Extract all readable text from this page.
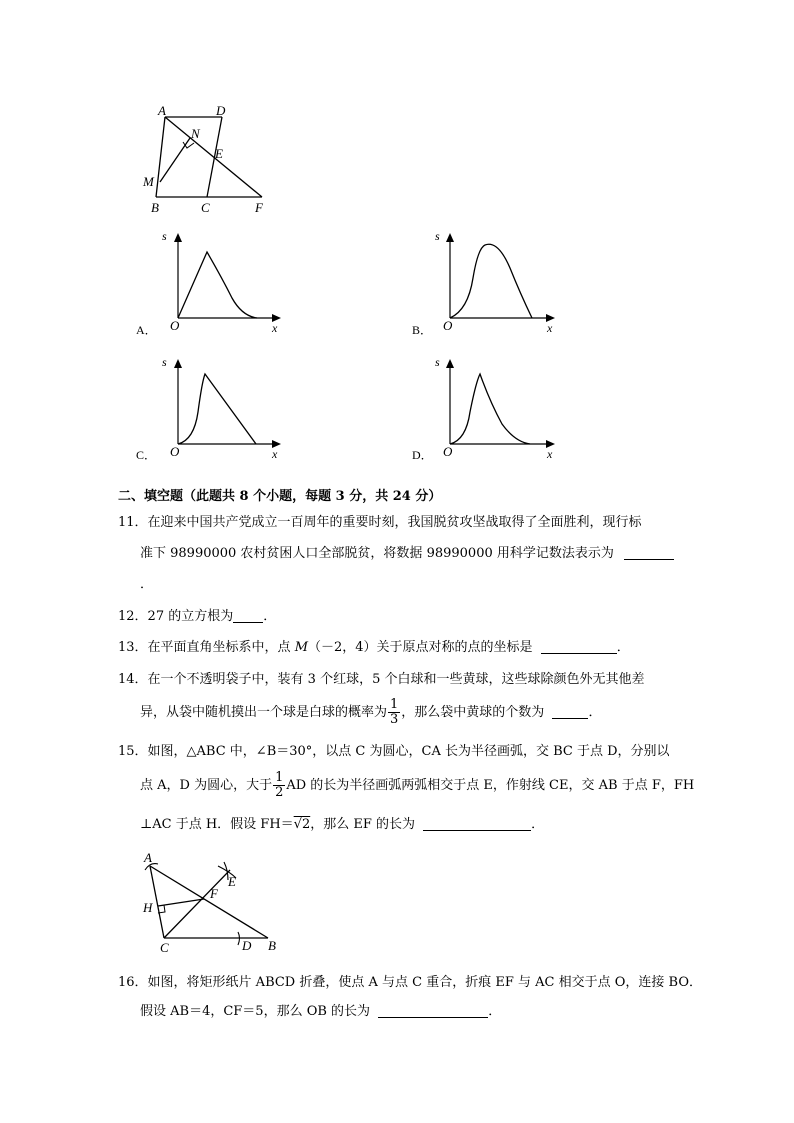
A	D
N
E
M
B	C	F
s
x
O
A．
s
x
O
B．
s
x
O
C．
s
x
O
D．
二、填空题（此题共 8 个小题，每题 3 分，共 24 分）
11．在迎来中国共产党成立一百周年的重要时刻，我国脱贫攻坚战取得了全面胜利，现行标
准下 98990000 农村贫困人口全部脱贫，将数据 98990000 用科学记数法表示为
．
12．27 的立方根为 ．
13．在平面直角坐标系中，点 M（－2，4）关于原点对称的点的坐标是	．
14．在一个不透明袋子中，装有 3 个红球，5 个白球和一些黄球，这些球除颜色外无其他差
异，从袋中随机摸出一个球是白球的概率为 $\frac{1}{3}$ ，那么袋中黄球的个数为	．
15．如图，△ABC 中，∠B＝30°，以点 C 为圆心，CA 长为半径画弧，交 BC 于点 D，分别以
点 A，D 为圆心，大于 $\frac{1}{2}$ AD 的长为半径画弧两弧相交于点 E，作射线 CE，交 AB 于点 F，FH
⊥AC 于点 H．假设 FH＝√2，那么 EF 的长为	．
A
E
F
H
C	D B
16．如图，将矩形纸片 ABCD 折叠，使点 A 与点 C 重合，折痕 EF 与 AC 相交于点 O，连接 BO．
假设 AB＝4，CF＝5，那么 OB 的长为	．
